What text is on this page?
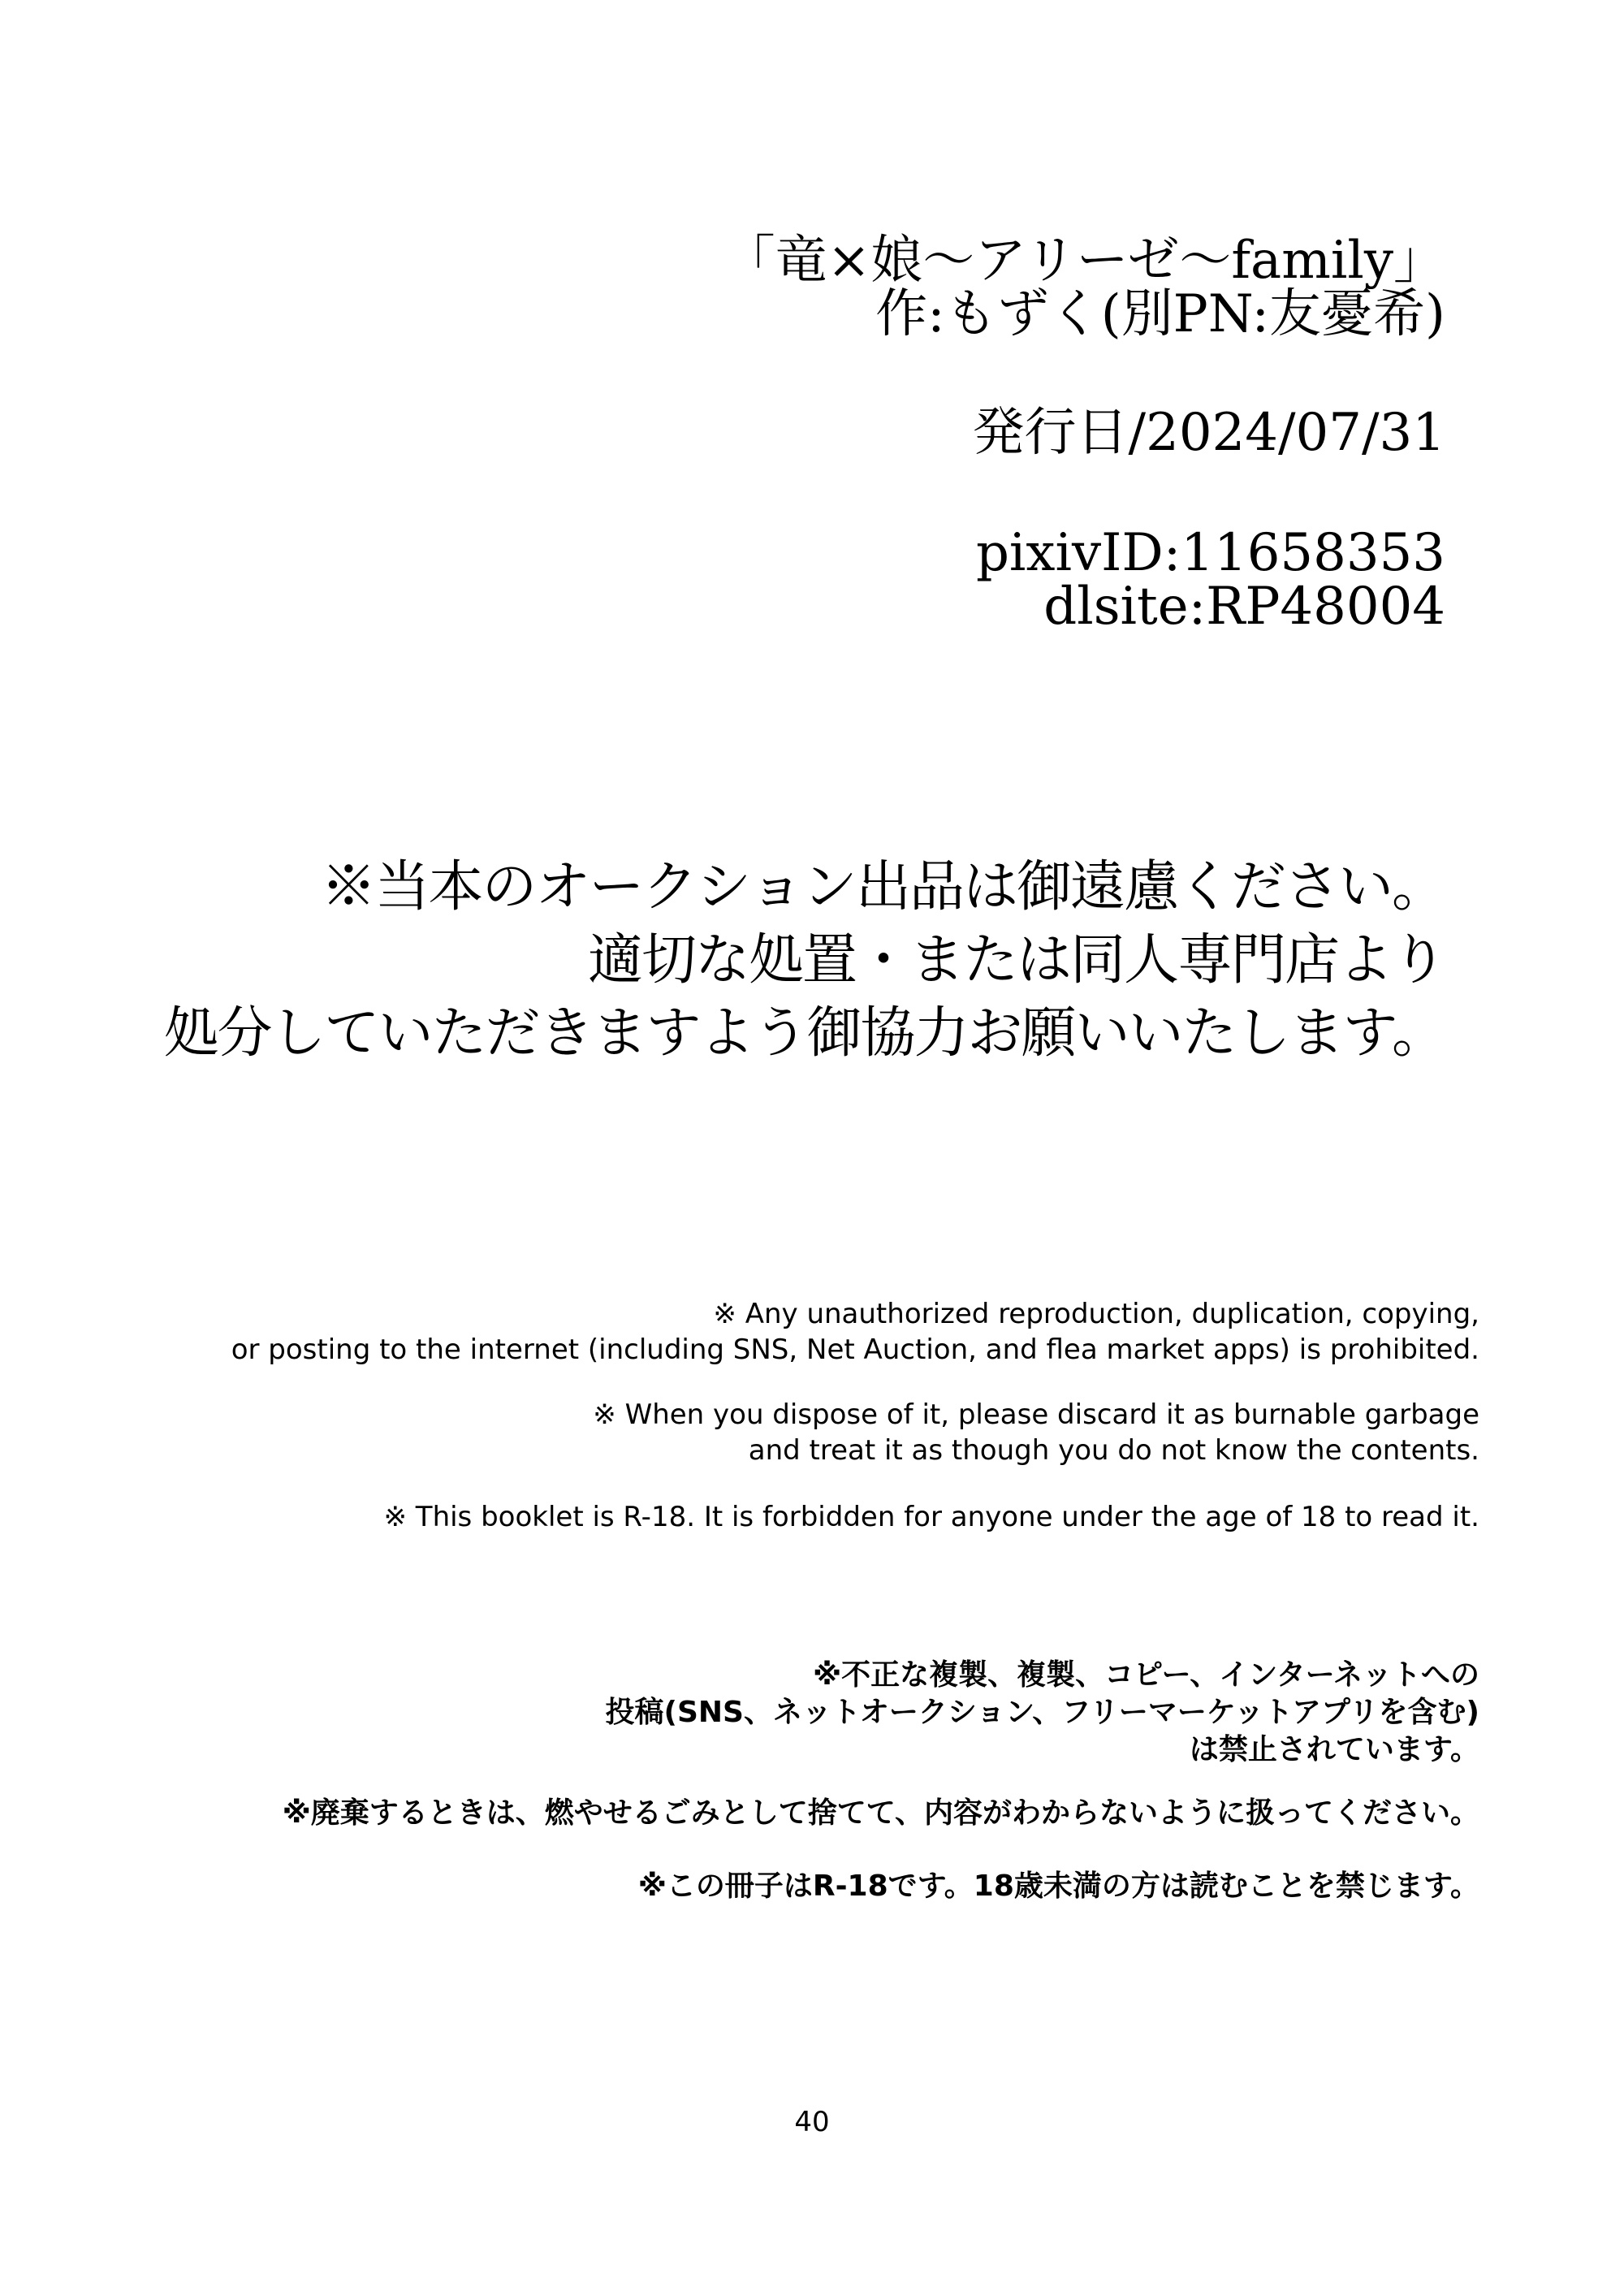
「竜×娘〜アリーゼ〜family」
作:もずく(別PN:友憂希)
発行日/2024/07/31
pixivID:11658353
dlsite:RP48004
※当本のオークション出品は御遠慮ください。
適切な処置・または同人専門店より
処分していただきますよう御協力お願いいたします。
※ Any unauthorized reproduction, duplication, copying,
or posting to the internet (including SNS, Net Auction, and flea market apps) is prohibited.
※ When you dispose of it, please discard it as burnable garbage
and treat it as though you do not know the contents.
※ This booklet is R-18. It is forbidden for anyone under the age of 18 to read it.
※不正な複製、複製、コピー、インターネットへの
投稿(SNS、ネットオークション、フリーマーケットアプリを含む)
は禁止されています。
※廃棄するときは、燃やせるごみとして捨てて、内容がわからないように扱ってください。
※この冊子はR-18です。18歳未満の方は読むことを禁じます。
40
